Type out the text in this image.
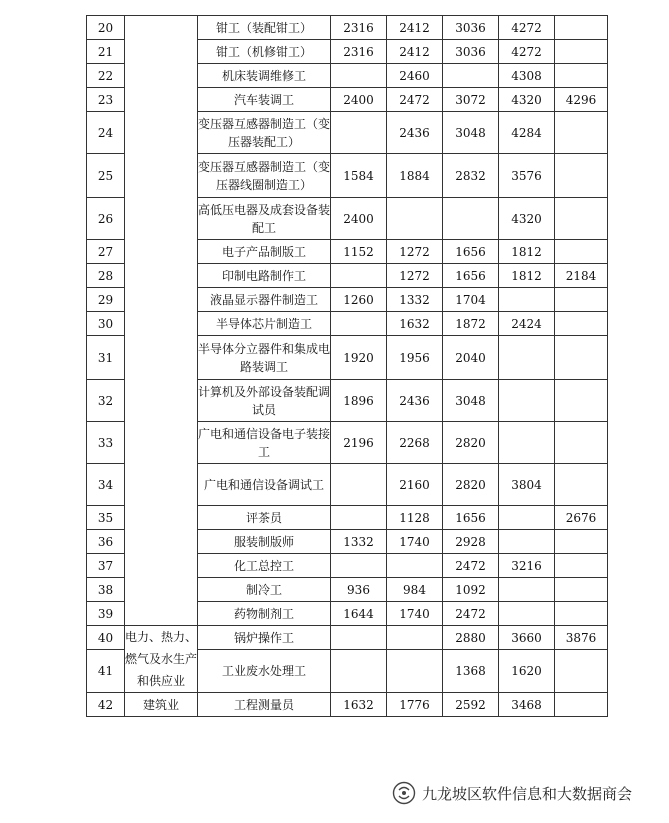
20		钳工（装配钳工）	2316	2412	3036	4272	
21		钳工（机修钳工）	2316	2412	3036	4272	
22		机床装调维修工		2460		4308	
23		汽车装调工	2400	2472	3072	4320	4296
24		变压器互感器制造工（变压器装配工）		2436	3048	4284	
25		变压器互感器制造工（变压器线圈制造工）	1584	1884	2832	3576	
26		高低压电器及成套设备装配工	2400			4320	
27		电子产品制版工	1152	1272	1656	1812	
28		印制电路制作工		1272	1656	1812	2184
29		液晶显示器件制造工	1260	1332	1704		
30		半导体芯片制造工		1632	1872	2424	
31		半导体分立器件和集成电路装调工	1920	1956	2040		
32		计算机及外部设备装配调试员	1896	2436	3048		
33		广电和通信设备电子装接工	2196	2268	2820		
34		广电和通信设备调试工		2160	2820	3804	
35		评茶员		1128	1656		2676
36		服装制版师	1332	1740	2928		
37		化工总控工			2472	3216	
38		制冷工	936	984	1092		
39		药物制剂工	1644	1740	2472		
40	电力、热力、燃气及水生产和供应业	锅炉操作工			2880	3660	3876
41		工业废水处理工			1368	1620	
42	建筑业	工程测量员	1632	1776	2592	3468	
九龙坡区软件信息和大数据商会
